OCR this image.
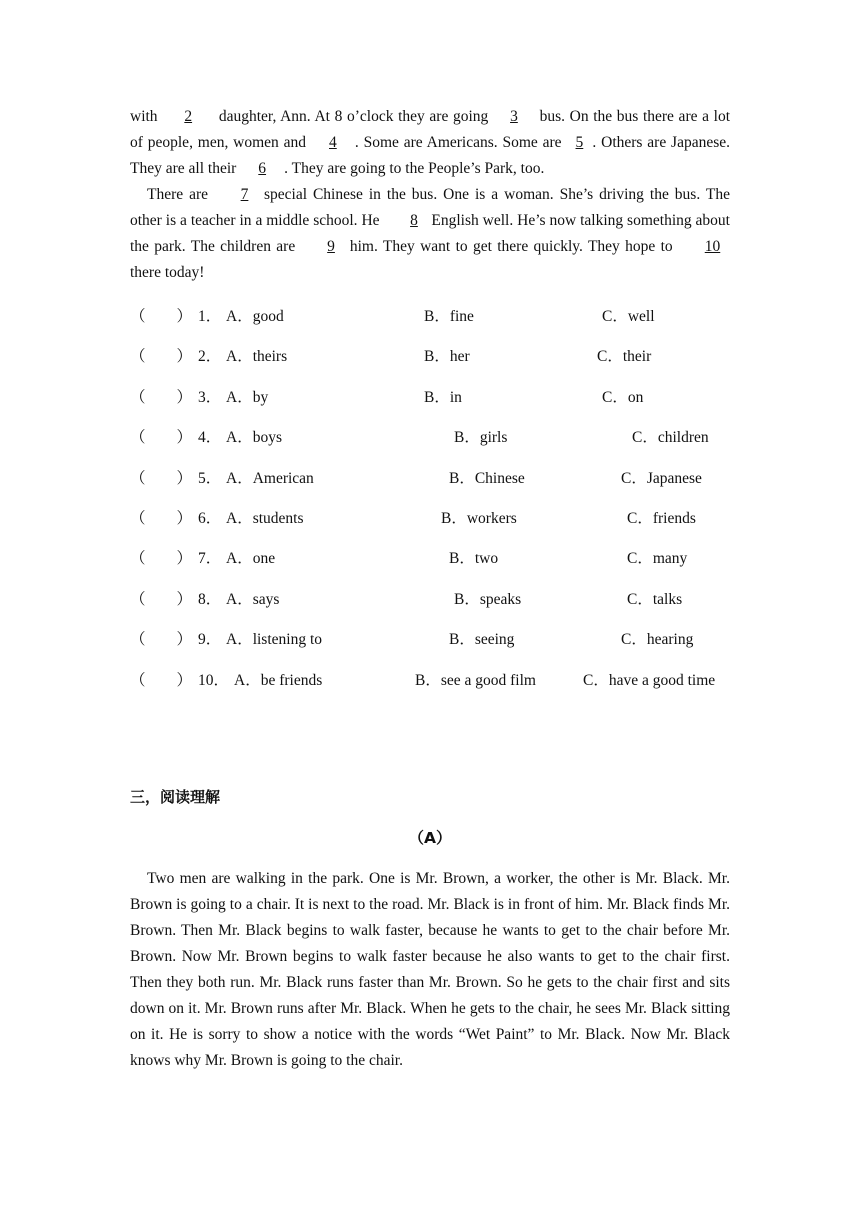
with 2 daughter, Ann. At 8 o’clock they are going 3 bus. On the bus there are a lot of people, men, women and 4 . Some are Americans. Some are 5 . Others are Japanese. They are all their 6 . They are going to the People’s Park, too.

There are 7 special Chinese in the bus. One is a woman. She’s driving the bus. The other is a teacher in a middle school. He 8 English well. He’s now talking something about the park. The children are 9 him. They want to get there quickly. They hope to 10 there today!

（　　） 1． A．good	B．fine	C．well
（　　） 2． A．theirs	B．her	C．their
（　　） 3． A．by	B．in	C．on
（　　） 4． A．boys	B．girls	C．children
（　　） 5． A．American	B．Chinese	C．Japanese
（　　） 6． A．students	B．workers	C．friends
（　　） 7． A．one	B．two	C．many
（　　） 8． A．says	B．speaks	C．talks
（　　） 9． A．listening to	B．seeing	C．hearing
（　　） 10． A．be friends	B．see a good film	C．have a good time
三，阅读理解
（A）

Two men are walking in the park. One is Mr. Brown, a worker, the other is Mr. Black. Mr. Brown is going to a chair. It is next to the road. Mr. Black is in front of him. Mr. Black finds Mr. Brown. Then Mr. Black begins to walk faster, because he wants to get to the chair before Mr. Brown. Now Mr. Brown begins to walk faster because he also wants to get to the chair first. Then they both run. Mr. Black runs faster than Mr. Brown. So he gets to the chair first and sits down on it. Mr. Brown runs after Mr. Black. When he gets to the chair, he sees Mr. Black sitting on it. He is sorry to show a notice with the words “Wet Paint” to Mr. Black. Now Mr. Black knows why Mr. Brown is going to the chair.
